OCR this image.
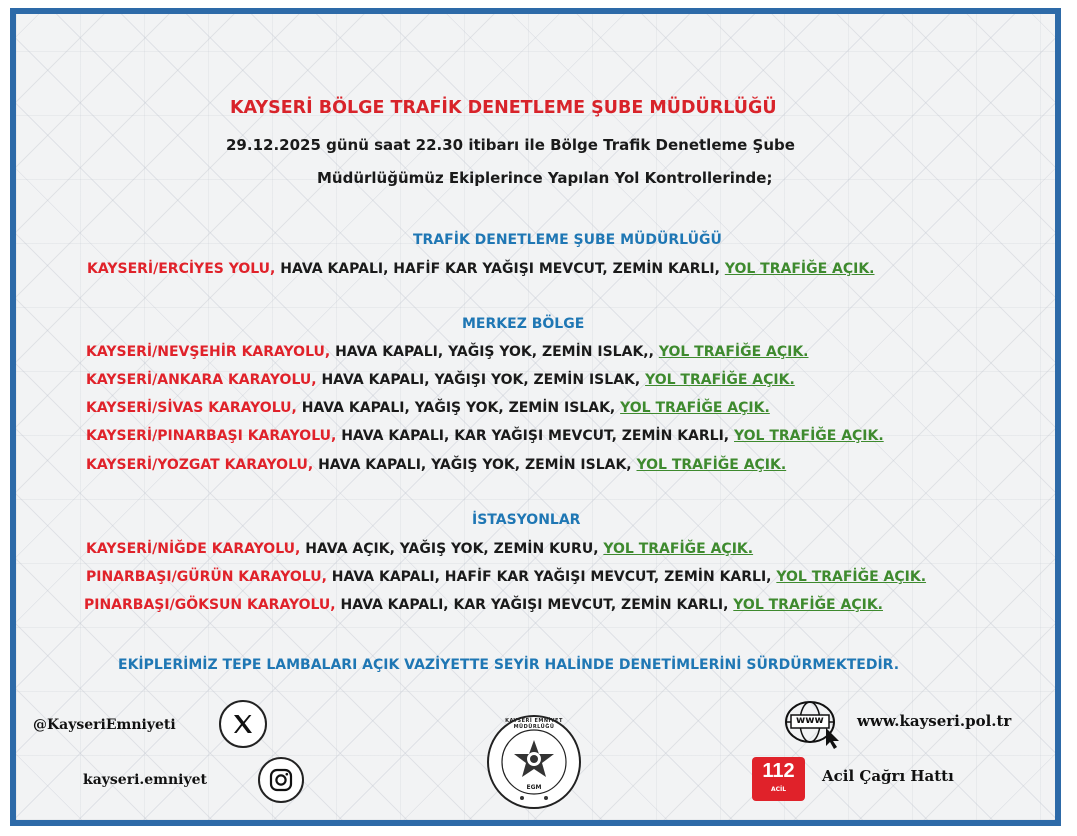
KAYSERİ BÖLGE TRAFİK DENETLEME ŞUBE MÜDÜRLÜĞÜ
29.12.2025 günü saat 22.30 itibarı ile Bölge Trafik Denetleme Şube
Müdürlüğümüz Ekiplerince Yapılan Yol Kontrollerinde;
TRAFİK DENETLEME ŞUBE MÜDÜRLÜĞÜ
KAYSERİ/ERCİYES YOLU, HAVA KAPALI, HAFİF KAR YAĞIŞI MEVCUT, ZEMİN KARLI, YOL TRAFİĞE AÇIK.
MERKEZ BÖLGE
KAYSERİ/NEVŞEHİR KARAYOLU, HAVA KAPALI, YAĞIŞ YOK, ZEMİN ISLAK,, YOL TRAFİĞE AÇIK.
KAYSERİ/ANKARA KARAYOLU, HAVA KAPALI, YAĞIŞI YOK, ZEMİN ISLAK, YOL TRAFİĞE AÇIK.
KAYSERİ/SİVAS KARAYOLU, HAVA KAPALI, YAĞIŞ YOK, ZEMİN ISLAK, YOL TRAFİĞE AÇIK.
KAYSERİ/PINARBAŞI KARAYOLU, HAVA KAPALI, KAR YAĞIŞI MEVCUT, ZEMİN KARLI, YOL TRAFİĞE AÇIK.
KAYSERİ/YOZGAT KARAYOLU, HAVA KAPALI, YAĞIŞ YOK, ZEMİN ISLAK, YOL TRAFİĞE AÇIK.
İSTASYONLAR
KAYSERİ/NİĞDE KARAYOLU, HAVA AÇIK, YAĞIŞ YOK, ZEMİN KURU, YOL TRAFİĞE AÇIK.
PINARBAŞI/GÜRÜN KARAYOLU, HAVA KAPALI, HAFİF KAR YAĞIŞI MEVCUT, ZEMİN KARLI, YOL TRAFİĞE AÇIK.
PINARBAŞI/GÖKSUN KARAYOLU, HAVA KAPALI, KAR YAĞIŞI MEVCUT, ZEMİN KARLI, YOL TRAFİĞE AÇIK.
EKİPLERİMİZ TEPE LAMBALARI AÇIK VAZİYETTE SEYİR HALİNDE DENETİMLERİNİ SÜRDÜRMEKTEDİR.
@KayseriEmniyeti
kayseri.emniyet
KAYSERİ EMNİYET MÜDÜRLÜĞÜ
EGM
www www.kayseri.pol.tr
112
ACİL
Acil Çağrı Hattı
